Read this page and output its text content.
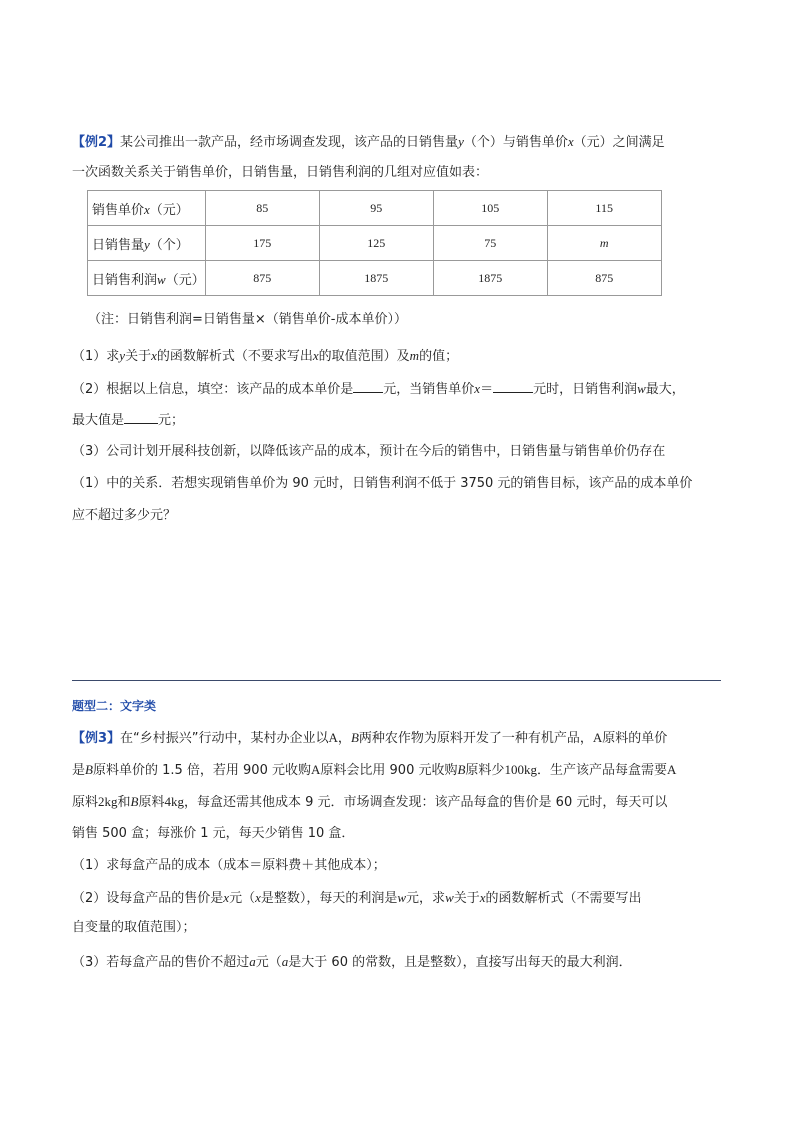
【例2】某公司推出一款产品，经市场调查发现，该产品的日销售量y（个）与销售单价x（元）之间满足
一次函数关系关于销售单价，日销售量，日销售利润的几组对应值如表：
销售单价x（元）	85	95	105	115
日销售量y（个）	175	125	75	m
日销售利润w（元）	875	1875	1875	875
（注：日销售利润=日销售量×（销售单价-成本单价））
（1）求y关于x的函数解析式（不要求写出x的取值范围）及m的值；
（2）根据以上信息，填空：该产品的成本单价是 元，当销售单价x＝	元时，日销售利润w最大，
最大值是	元；
（3）公司计划开展科技创新，以降低该产品的成本，预计在今后的销售中，日销售量与销售单价仍存在
（1）中的关系．若想实现销售单价为 90 元时，日销售利润不低于 3750 元的销售目标，该产品的成本单价
应不超过多少元？
题型二：文字类
【例3】在“乡村振兴”行动中，某村办企业以A，B两种农作物为原料开发了一种有机产品，A原料的单价
是B原料单价的 1.5 倍，若用 900 元收购A原料会比用 900 元收购B原料少100kg．生产该产品每盒需要A
原料2kg和B原料4kg，每盒还需其他成本 9 元．市场调查发现：该产品每盒的售价是 60 元时，每天可以
销售 500 盒；每涨价 1 元，每天少销售 10 盒．
（1）求每盒产品的成本（成本＝原料费＋其他成本）；
（2）设每盒产品的售价是x元（x是整数），每天的利润是w元，求w关于x的函数解析式（不需要写出
自变量的取值范围）；
（3）若每盒产品的售价不超过a元（a是大于 60 的常数，且是整数），直接写出每天的最大利润．
